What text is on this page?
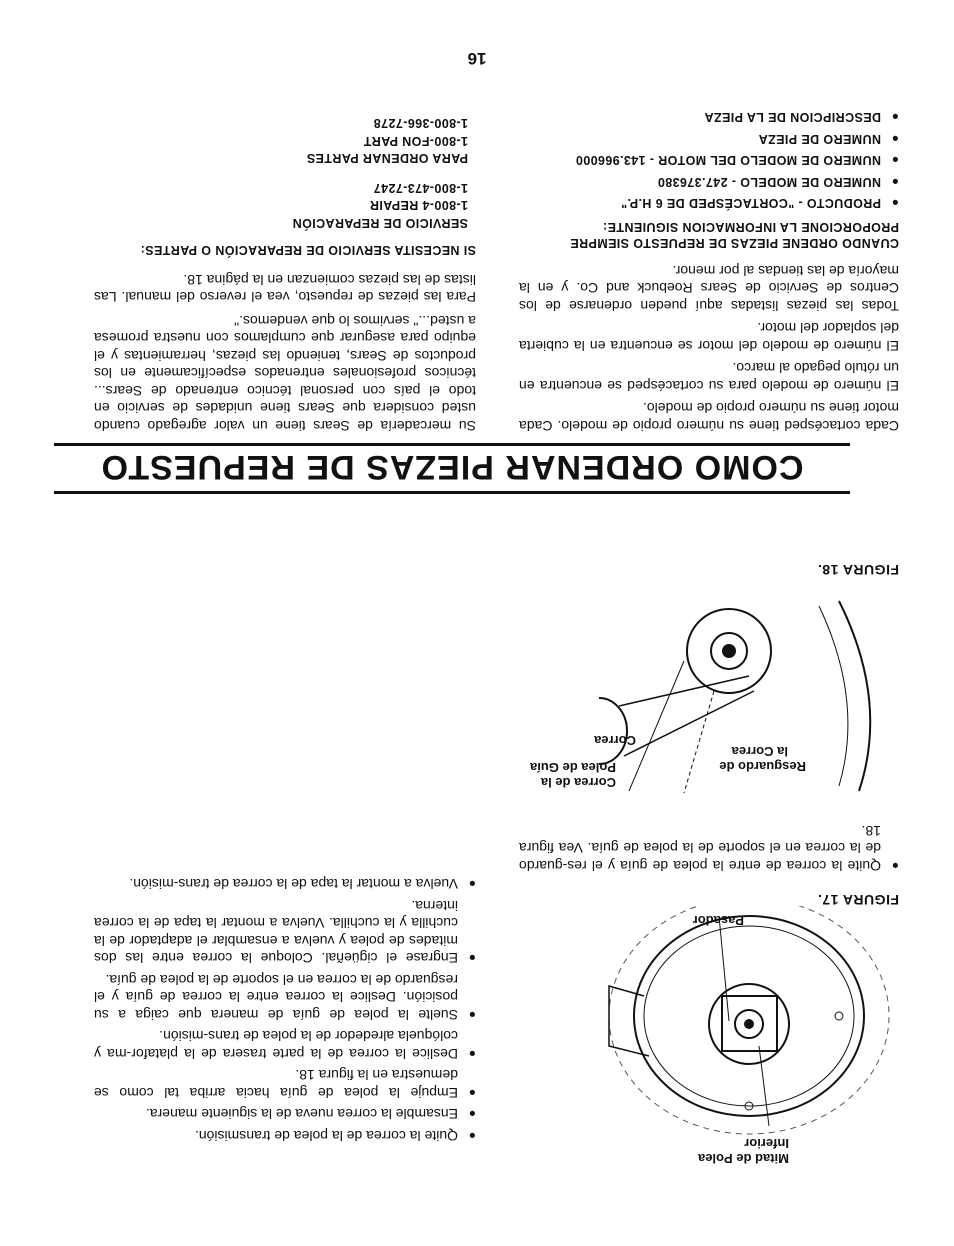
Mitad de Polea
Inferior
Pasador
FIGURA 17.
●
Quite la correa de entre la polea de guía y el res-guardo de la correa en el soporte de la polea de guía. Vea figura 18.
Resguardo de
la Correa
Correa
Correa de la
Polea de Guía
FIGURA 18.
●
Quite la correa de la polea de transmisión.
●
Ensamble la correa nueva de la siguiente manera.
●
Empuje la polea de guía hacia arriba tal como se demuestra en la figura 18.
●
Deslice la correa de la parte trasera de la platafor-ma y colóquela alrededor de la polea de trans-misión.
●
Suelte la polea de guía de manera que caiga a su posición. Deslice la correa entre la correa de guía y el resguardo de la correa en el soporte de la polea de guía.
●
Engrase el cigüeñal. Coloque la correa entre las dos mitades de polea y vuelva a ensamblar el adaptador de la cuchilla y la cuchilla. Vuelva a montar la tapa de la correa interna.
●
Vuelva a montar la tapa de la correa de trans-misión.
COMO ORDENAR PIEZAS DE REPUESTO

Cada cortacésped tiene su número propio de modelo. Cada motor tiene su número propio de modelo.

El número de modelo para su cortacésped se encuentra en un rótulo pegado al marco.

El número de modelo del motor se encuentra en la cubierta del soplador del motor.

Todas las piezas listadas aquí pueden ordenarse de los Centros de Servicio de Sears Roebuck and Co. y en la mayoría de las tiendas al por menor.

CUANDO ORDENE PIEZAS DE REPUESTO SIEMPRE PROPORCIONE LA INFORMACION SIGUIENTE:
●
PRODUCTO - "CORTACÉSPED DE 6 H.P."
●
NUMERO DE MODELO - 247.376380
●
NUMERO DE MODELO DEL MOTOR - 143.966000
●
NUMERO DE PIEZA
●
DESCRIPCION DE LA PIEZA

Su mercadería de Sears tiene un valor agregado cuando usted considera que Sears tiene unidades de servicio en todo el país con personal técnico entrenado de Sears... técnicos profesionales entrenados específicamente en los productos de Sears, teniendo las piezas, herramientas y el equipo para asegurar que cumplamos con nuestra promesa a usted..." servimos lo que vendemos."

Para las piezas de repuesto, vea el reverso del manual. Las listas de las piezas comienzan en la página 18.

SI NECESITA SERVICIO DE REPARACIÓN O PARTES:
SERVICIO DE REPARACIÓN
1-800-4 REPAIR
1-800-473-7247
PARA ORDENAR PARTES
1-800-FON PART
1-800-366-7278
16
